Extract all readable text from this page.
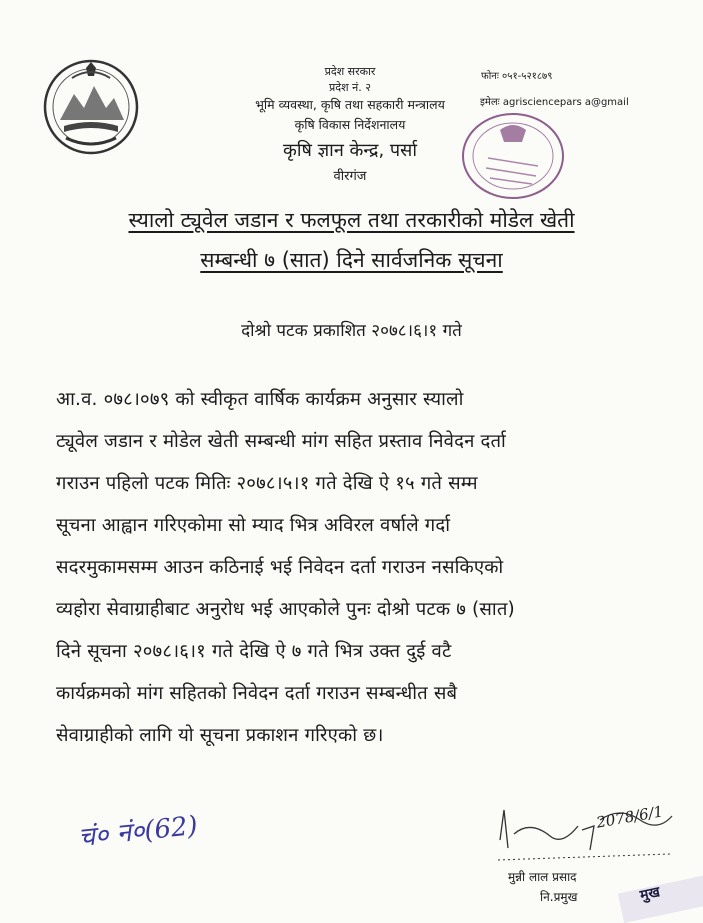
प्रदेश सरकार
प्रदेश नं. २
भूमि व्यवस्था, कृषि तथा सहकारी मन्त्रालय
कृषि विकास निर्देशनालय
कृषि ज्ञान केन्द्र, पर्सा
वीरगंज
फोनः ०५१-५२१८७९
इमेलः agrisciencepars a@gmail
स्यालो ट्यूवेल जडान र फलफूल तथा तरकारीको मोडेल खेती
सम्बन्धी ७ (सात) दिने सार्वजनिक सूचना
दोश्रो पटक प्रकाशित २०७८।६।१ गते
आ.व. ०७८।०७९ को स्वीकृत वार्षिक कार्यक्रम अनुसार स्यालो
ट्यूवेल जडान र मोडेल खेती सम्बन्धी मांग सहित प्रस्ताव निवेदन दर्ता
गराउन पहिलो पटक मितिः २०७८।५।१ गते देखि ऐ १५ गते सम्म
सूचना आह्वान गरिएकोमा सो म्याद भित्र अविरल वर्षाले गर्दा
सदरमुकामसम्म आउन कठिनाई भई निवेदन दर्ता गराउन नसकिएको
व्यहोरा सेवाग्राहीबाट अनुरोध भई आएकोले पुनः दोश्रो पटक ७ (सात)
दिने सूचना २०७८।६।१ गते देखि ऐ ७ गते भित्र उक्त दुई वटै
कार्यक्रमको मांग सहितको निवेदन दर्ता गराउन सम्बन्धीत सबै
सेवाग्राहीको लागि यो सूचना प्रकाशन गरिएको छ।
चं० नं०(62)	2078/6/1
मुन्नी लाल प्रसाद
नि.प्रमुख	मुख
